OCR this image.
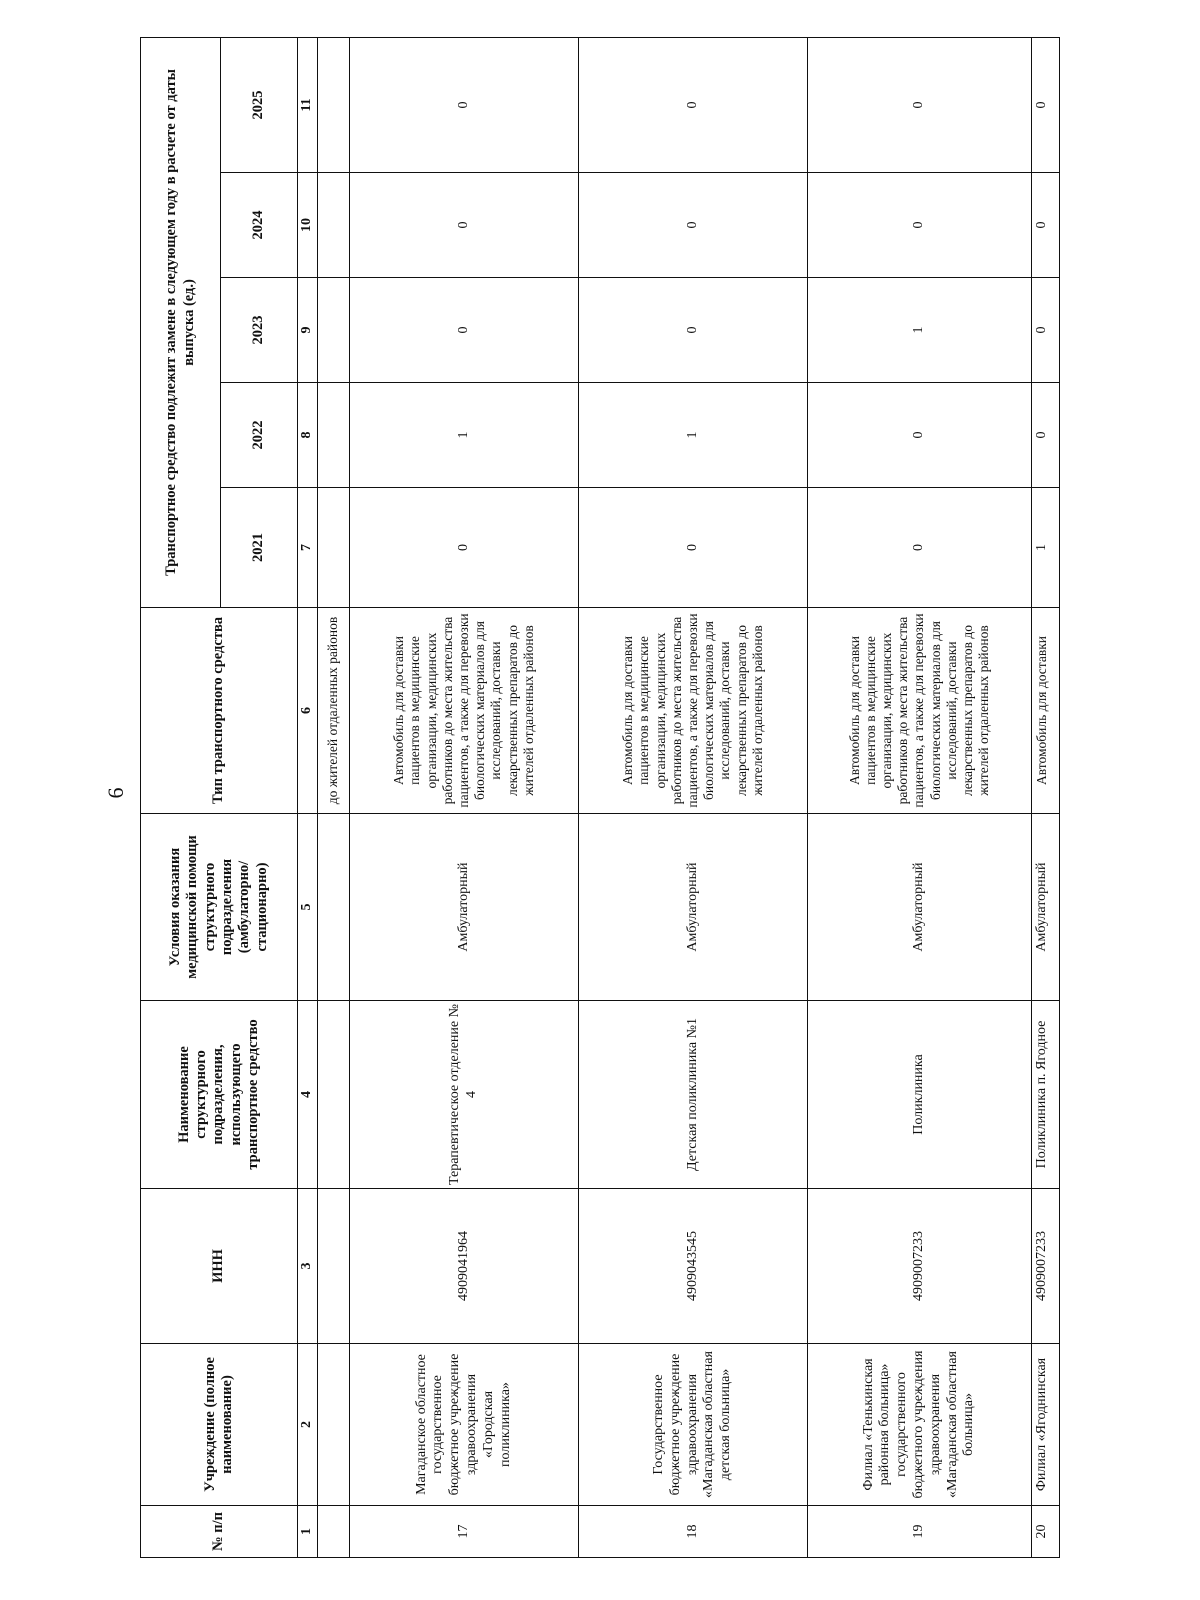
6
№ п/п	Учреждение (полное наименование)	ИНН	Наименование структурного подразделения, использующего транспортное средство	Условия оказания медицинской помощи структурного подразделения (амбулаторно/ стационарно)	Тип транспортного средства	Транспортное средство подлежит замене в следующем году в расчете от даты выпуска (ед.)				
						2021	2022	2023	2024	2025
1	2	3	4	5	6	7	8	9	10	11
					до жителей отдаленных районов					
17	Магаданское областное государственное бюджетное учреждение здравоохранения «Городская поликлиника»	4909041964	Терапевтическое отделение № 4	Амбулаторный	Автомобиль для доставки пациентов в медицинские организации, медицинских работников до места жительства пациентов, а также для перевозки биологических материалов для исследований, доставки лекарственных препаратов до жителей отдаленных районов	0	1	0	0	0
18	Государственное бюджетное учреждение здравоохранения «Магаданская областная детская больница»	4909043545	Детская поликлиника №1	Амбулаторный	Автомобиль для доставки пациентов в медицинские организации, медицинских работников до места жительства пациентов, а также для перевозки биологических материалов для исследований, доставки лекарственных препаратов до жителей отдаленных районов	0	1	0	0	0
19	Филиал «Тенькинская районная больница» государственного бюджетного учреждения здравоохранения «Магаданская областная больница»	4909007233	Поликлиника	Амбулаторный	Автомобиль для доставки пациентов в медицинские организации, медицинских работников до места жительства пациентов, а также для перевозки биологических материалов для исследований, доставки лекарственных препаратов до жителей отдаленных районов	0	0	1	0	0
20	Филиал «Ягоднинская	4909007233	Поликлиника п. Ягодное	Амбулаторный	Автомобиль для доставки	1	0	0	0	0
